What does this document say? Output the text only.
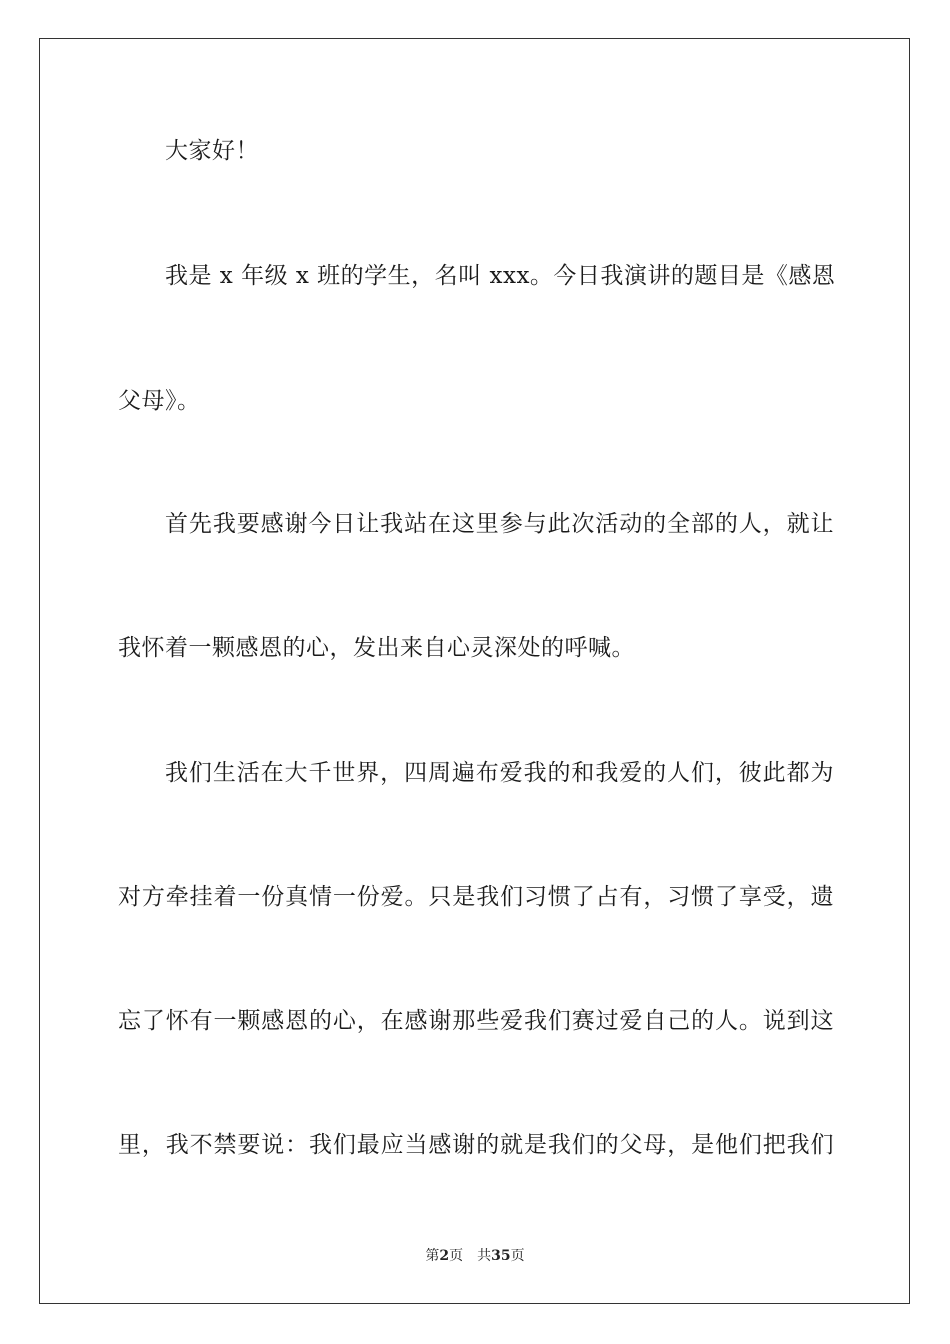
大家好！
我是 x 年级 x 班的学生，名叫 xxx。今日我演讲的题目是《感恩
父母》。
首先我要感谢今日让我站在这里参与此次活动的全部的人，就让
我怀着一颗感恩的心，发出来自心灵深处的呼喊。
我们生活在大千世界，四周遍布爱我的和我爱的人们，彼此都为
对方牵挂着一份真情一份爱。只是我们习惯了占有，习惯了享受，遗
忘了怀有一颗感恩的心，在感谢那些爱我们赛过爱自己的人。说到这
里，我不禁要说：我们最应当感谢的就是我们的父母，是他们把我们
第2页 共35页
